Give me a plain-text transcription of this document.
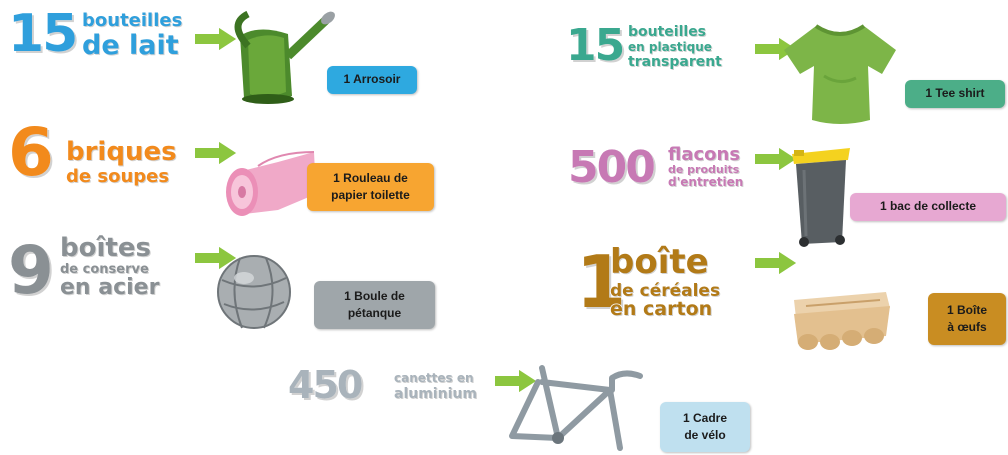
15 bouteilles
de lait
1 Arrosoir
6 briques
de soupes	1 Rouleau de
papier toilette
9 boîtes
de conserve
en acier	1 Boule de
pétanque
450	canettes en
aluminium
1 Cadre
de vélo
15 bouteilles
en plastique
transparent
1 Tee shirt
500 flacons
de produits
d'entretien
1 bac de collecte
1
boîte
de céréales
en carton	1 Boîte
à œufs
